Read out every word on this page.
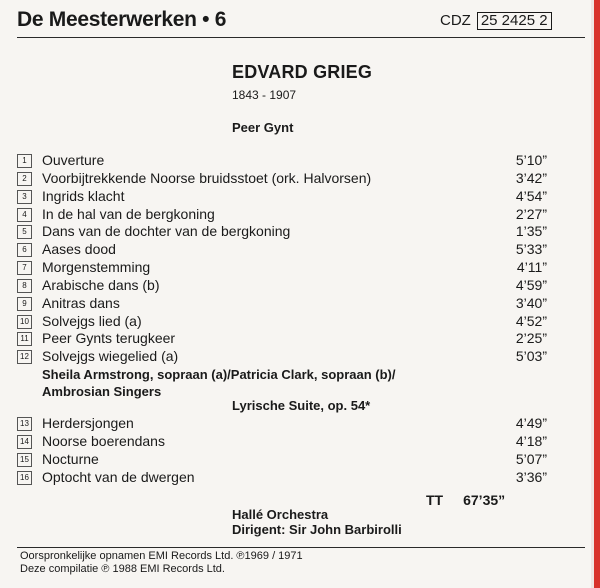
De Meesterwerken • 6	CDZ 25 2425 2
EDVARD GRIEG
1843 - 1907
Peer Gynt
1	Ouverture	5’10”
2	Voorbijtrekkende Noorse bruidsstoet (ork. Halvorsen)	3’42”
3	Ingrids klacht	4’54”
4	In de hal van de bergkoning	2’27”
5	Dans van de dochter van de bergkoning	1’35”
6	Aases dood	5’33”
7	Morgenstemming	4’11”
8	Arabische dans (b)	4’59”
9	Anitras dans	3’40”
10 Solvejgs lied (a)	4’52”
11 Peer Gynts terugkeer	2’25”
12 Solvejgs wiegelied (a)	5’03”
13 Herdersjongen	4’49”
14 Noorse boerendans	4’18”
15 Nocturne	5’07”
16 Optocht van de dwergen	3’36”
Sheila Armstrong, sopraan (a)/Patricia Clark, sopraan (b)/
Ambrosian Singers
Lyrische Suite, op. 54*
TT 67’35”
Hallé Orchestra
Dirigent: Sir John Barbirolli
Oorspronkelijke opnamen EMI Records Ltd. ℗1969 / 1971
Deze compilatie ℗ 1988 EMI Records Ltd.
